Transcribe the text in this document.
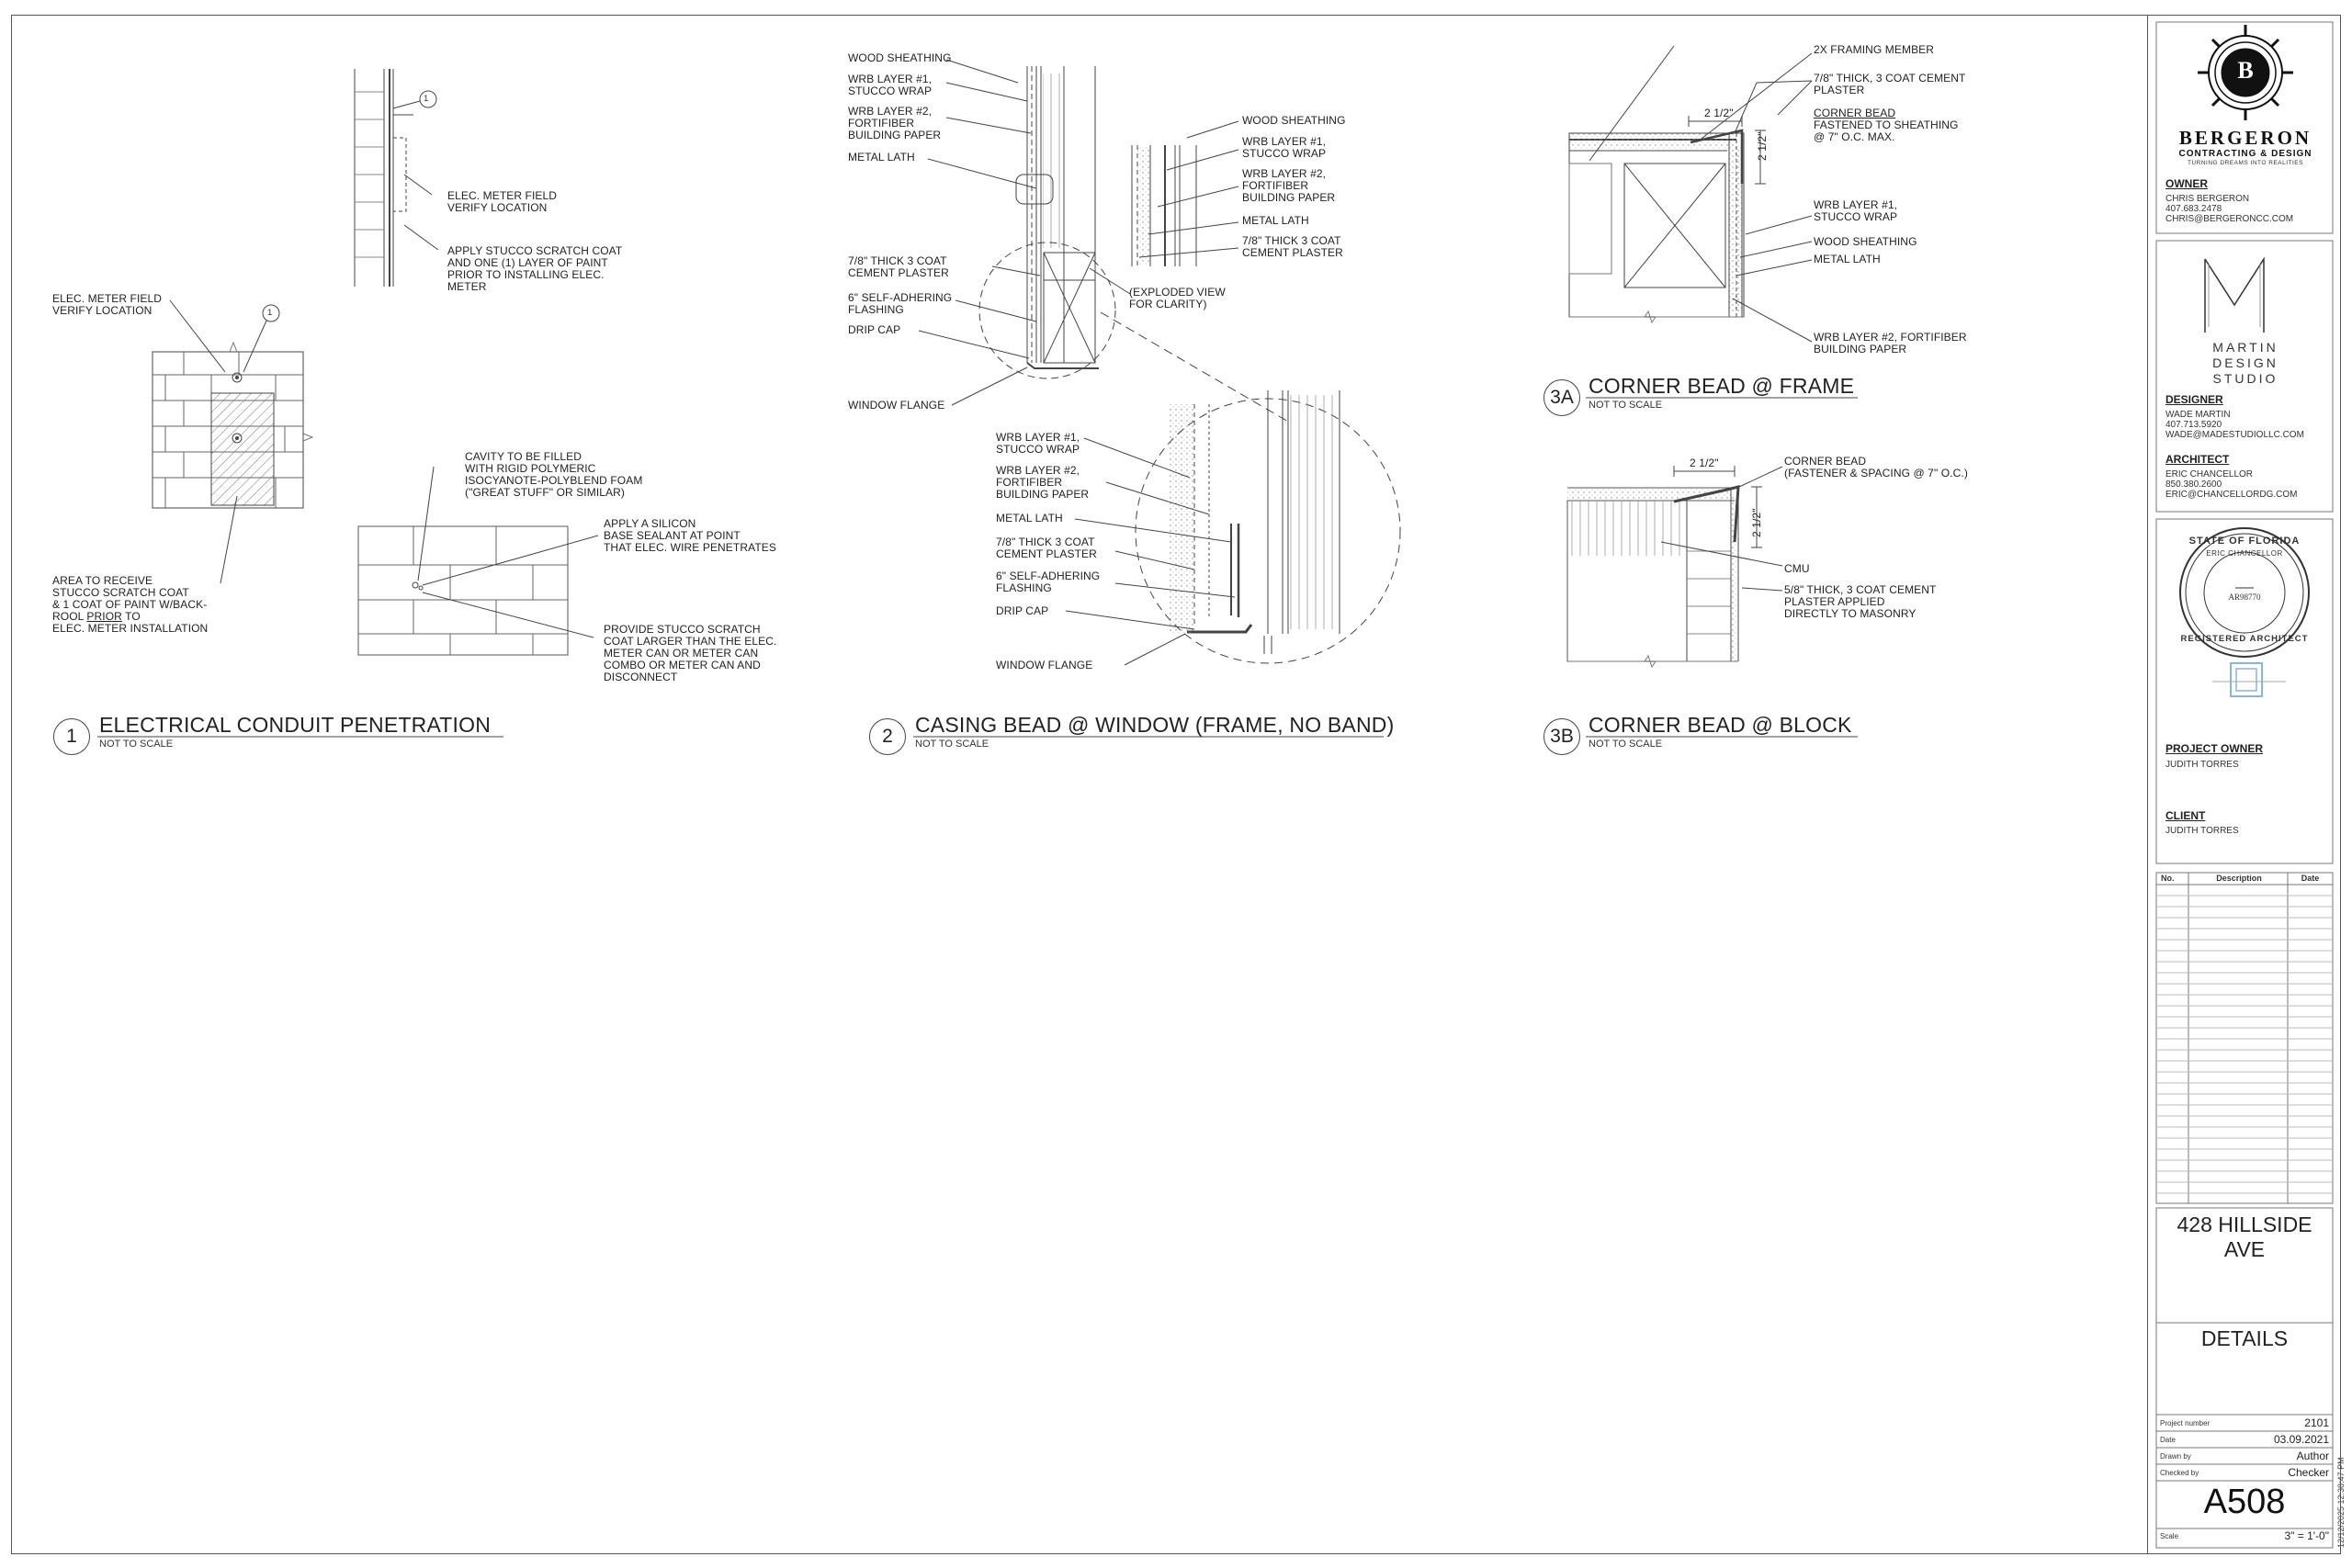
1
1
ELEC. METER FIELD
VERIFY LOCATION
APPLY STUCCO SCRATCH COAT
AND ONE (1) LAYER OF PAINT
PRIOR TO INSTALLING ELEC.
METER
ELEC. METER FIELD
VERIFY LOCATION
AREA TO RECEIVE
STUCCO SCRATCH COAT
& 1 COAT OF PAINT W/BACK-
ROOL PRIOR TO
ELEC. METER INSTALLATION
CAVITY TO BE FILLED
WITH RIGID POLYMERIC
ISOCYANOTE-POLYBLEND FOAM
("GREAT STUFF" OR SIMILAR)
APPLY A SILICON
BASE SEALANT AT POINT
THAT ELEC. WIRE PENETRATES
PROVIDE STUCCO SCRATCH
COAT LARGER THAN THE ELEC.
METER CAN OR METER CAN
COMBO OR METER CAN AND
DISCONNECT
1	ELECTRICAL CONDUIT PENETRATION
NOT TO SCALE
WOOD SHEATHING
WRB LAYER #1,
STUCCO WRAP
WRB LAYER #2,
FORTIFIBER
BUILDING PAPER
METAL LATH
7/8" THICK 3 COAT
CEMENT PLASTER
6" SELF-ADHERING
FLASHING
DRIP CAP
WINDOW FLANGE
WOOD SHEATHING
WRB LAYER #1,
STUCCO WRAP
WRB LAYER #2,
FORTIFIBER
BUILDING PAPER
METAL LATH
7/8" THICK 3 COAT
CEMENT PLASTER
(EXPLODED VIEW
FOR CLARITY)
WRB LAYER #1,
STUCCO WRAP
WRB LAYER #2,
FORTIFIBER
BUILDING PAPER
METAL LATH
7/8" THICK 3 COAT
CEMENT PLASTER
6" SELF-ADHERING
FLASHING
DRIP CAP
WINDOW FLANGE
2	CASING BEAD @ WINDOW (FRAME, NO BAND)
NOT TO SCALE
2X FRAMING MEMBER
7/8" THICK, 3 COAT CEMENT
PLASTER
CORNER BEAD
FASTENED TO SHEATHING
@ 7" O.C. MAX.
WRB LAYER #1,
STUCCO WRAP
WOOD SHEATHING
METAL LATH
WRB LAYER #2, FORTIFIBER
BUILDING PAPER
2 1/2"
2 1/2"
3A CORNER BEAD @ FRAME
NOT TO SCALE
CORNER BEAD
(FASTENER & SPACING @ 7" O.C.)
CMU
5/8" THICK, 3 COAT CEMENT
PLASTER APPLIED
DIRECTLY TO MASONRY
2 1/2"
2 1/2"
3B CORNER BEAD @ BLOCK
NOT TO SCALE
B
BERGERON
CONTRACTING & DESIGN
TURNING DREAMS INTO REALITIES
OWNER
CHRIS BERGERON
407.683.2478
CHRIS@BERGERONCC.COM
MARTIN
DESIGN
STUDIO
DESIGNER
WADE MARTIN
407.713.5920
WADE@MADESTUDIOLLC.COM
ARCHITECT
ERIC CHANCELLOR
850.380.2600
ERIC@CHANCELLORDG.COM
STATE OF FLORIDA
ERIC CHANCELLOR
AR98770
REGISTERED ARCHITECT
PROJECT OWNER
JUDITH TORRES
CLIENT
JUDITH TORRES
No.	Description	Date
428 HILLSIDE
AVE
DETAILS
Project number	2101
Date	03.09.2021
Drawn by	Author
Checked by	Checker
A508
Scale	3" = 1'-0" 12/12/2025 12:38:47 PM
